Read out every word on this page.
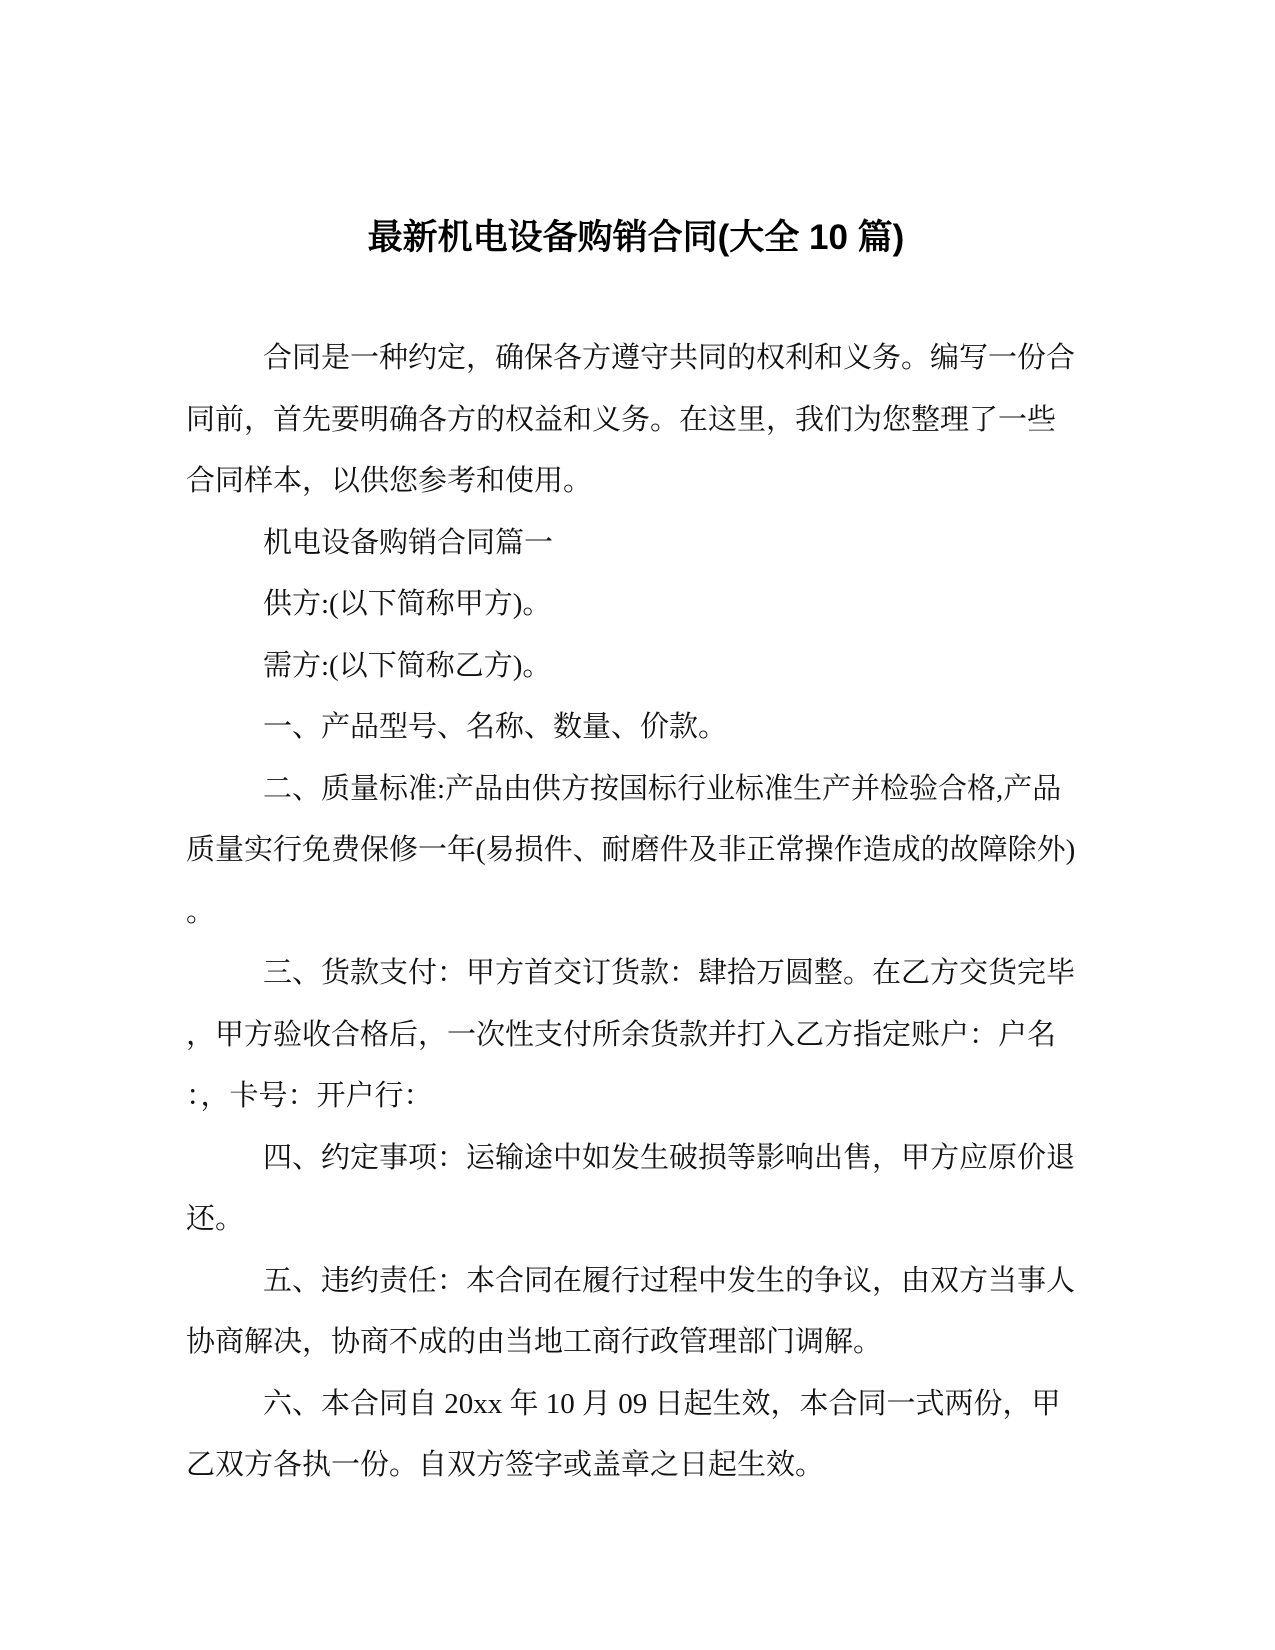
最新机电设备购销合同(大全 10 篇)
合同是一种约定，确保各方遵守共同的权利和义务。编写一份合
同前，首先要明确各方的权益和义务。在这里，我们为您整理了一些
合同样本，以供您参考和使用。
机电设备购销合同篇一
供方:(以下简称甲方)。
需方:(以下简称乙方)。
一、产品型号、名称、数量、价款。
二、质量标准:产品由供方按国标行业标准生产并检验合格,产品
质量实行免费保修一年(易损件、耐磨件及非正常操作造成的故障除外)
。
三、货款支付：甲方首交订货款：肆拾万圆整。在乙方交货完毕
，甲方验收合格后，一次性支付所余货款并打入乙方指定账户：户名
：，卡号：开户行：
四、约定事项：运输途中如发生破损等影响出售，甲方应原价退
还。
五、违约责任：本合同在履行过程中发生的争议，由双方当事人
协商解决，协商不成的由当地工商行政管理部门调解。
六、本合同自 20xx 年 10 月 09 日起生效，本合同一式两份，甲
乙双方各执一份。自双方签字或盖章之日起生效。
